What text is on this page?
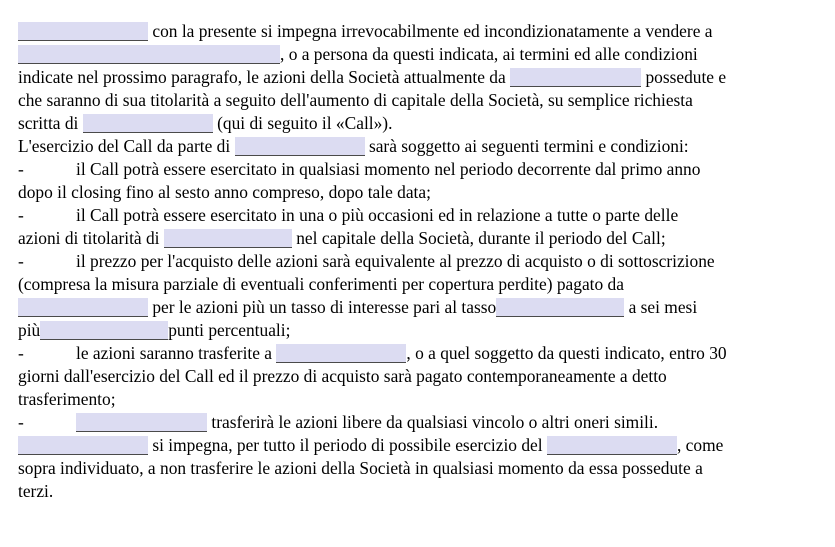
con la presente si impegna irrevocabilmente ed incondizionatamente a vendere a
, o a persona da questi indicata, ai termini ed alle condizioni
indicate nel prossimo paragrafo, le azioni della Società attualmente da	possedute e
che saranno di sua titolarità a seguito dell'aumento di capitale della Società, su semplice richiesta
scritta di	(qui di seguito il «Call»).
L'esercizio del Call da parte di	sarà soggetto ai seguenti termini e condizioni:
-	il Call potrà essere esercitato in qualsiasi momento nel periodo decorrente dal primo anno
dopo il closing fino al sesto anno compreso, dopo tale data;
-	il Call potrà essere esercitato in una o più occasioni ed in relazione a tutte o parte delle
azioni di titolarità di	nel capitale della Società, durante il periodo del Call;
-	il prezzo per l'acquisto delle azioni sarà equivalente al prezzo di acquisto o di sottoscrizione
(compresa la misura parziale di eventuali conferimenti per copertura perdite) pagato da
per le azioni più un tasso di interesse pari al tasso	a sei mesi
più	punti percentuali;
-	le azioni saranno trasferite a	, o a quel soggetto da questi indicato, entro 30
giorni dall'esercizio del Call ed il prezzo di acquisto sarà pagato contemporaneamente a detto
trasferimento;
-	trasferirà le azioni libere da qualsiasi vincolo o altri oneri simili.
si impegna, per tutto il periodo di possibile esercizio del	, come
sopra individuato, a non trasferire le azioni della Società in qualsiasi momento da essa possedute a
terzi.
